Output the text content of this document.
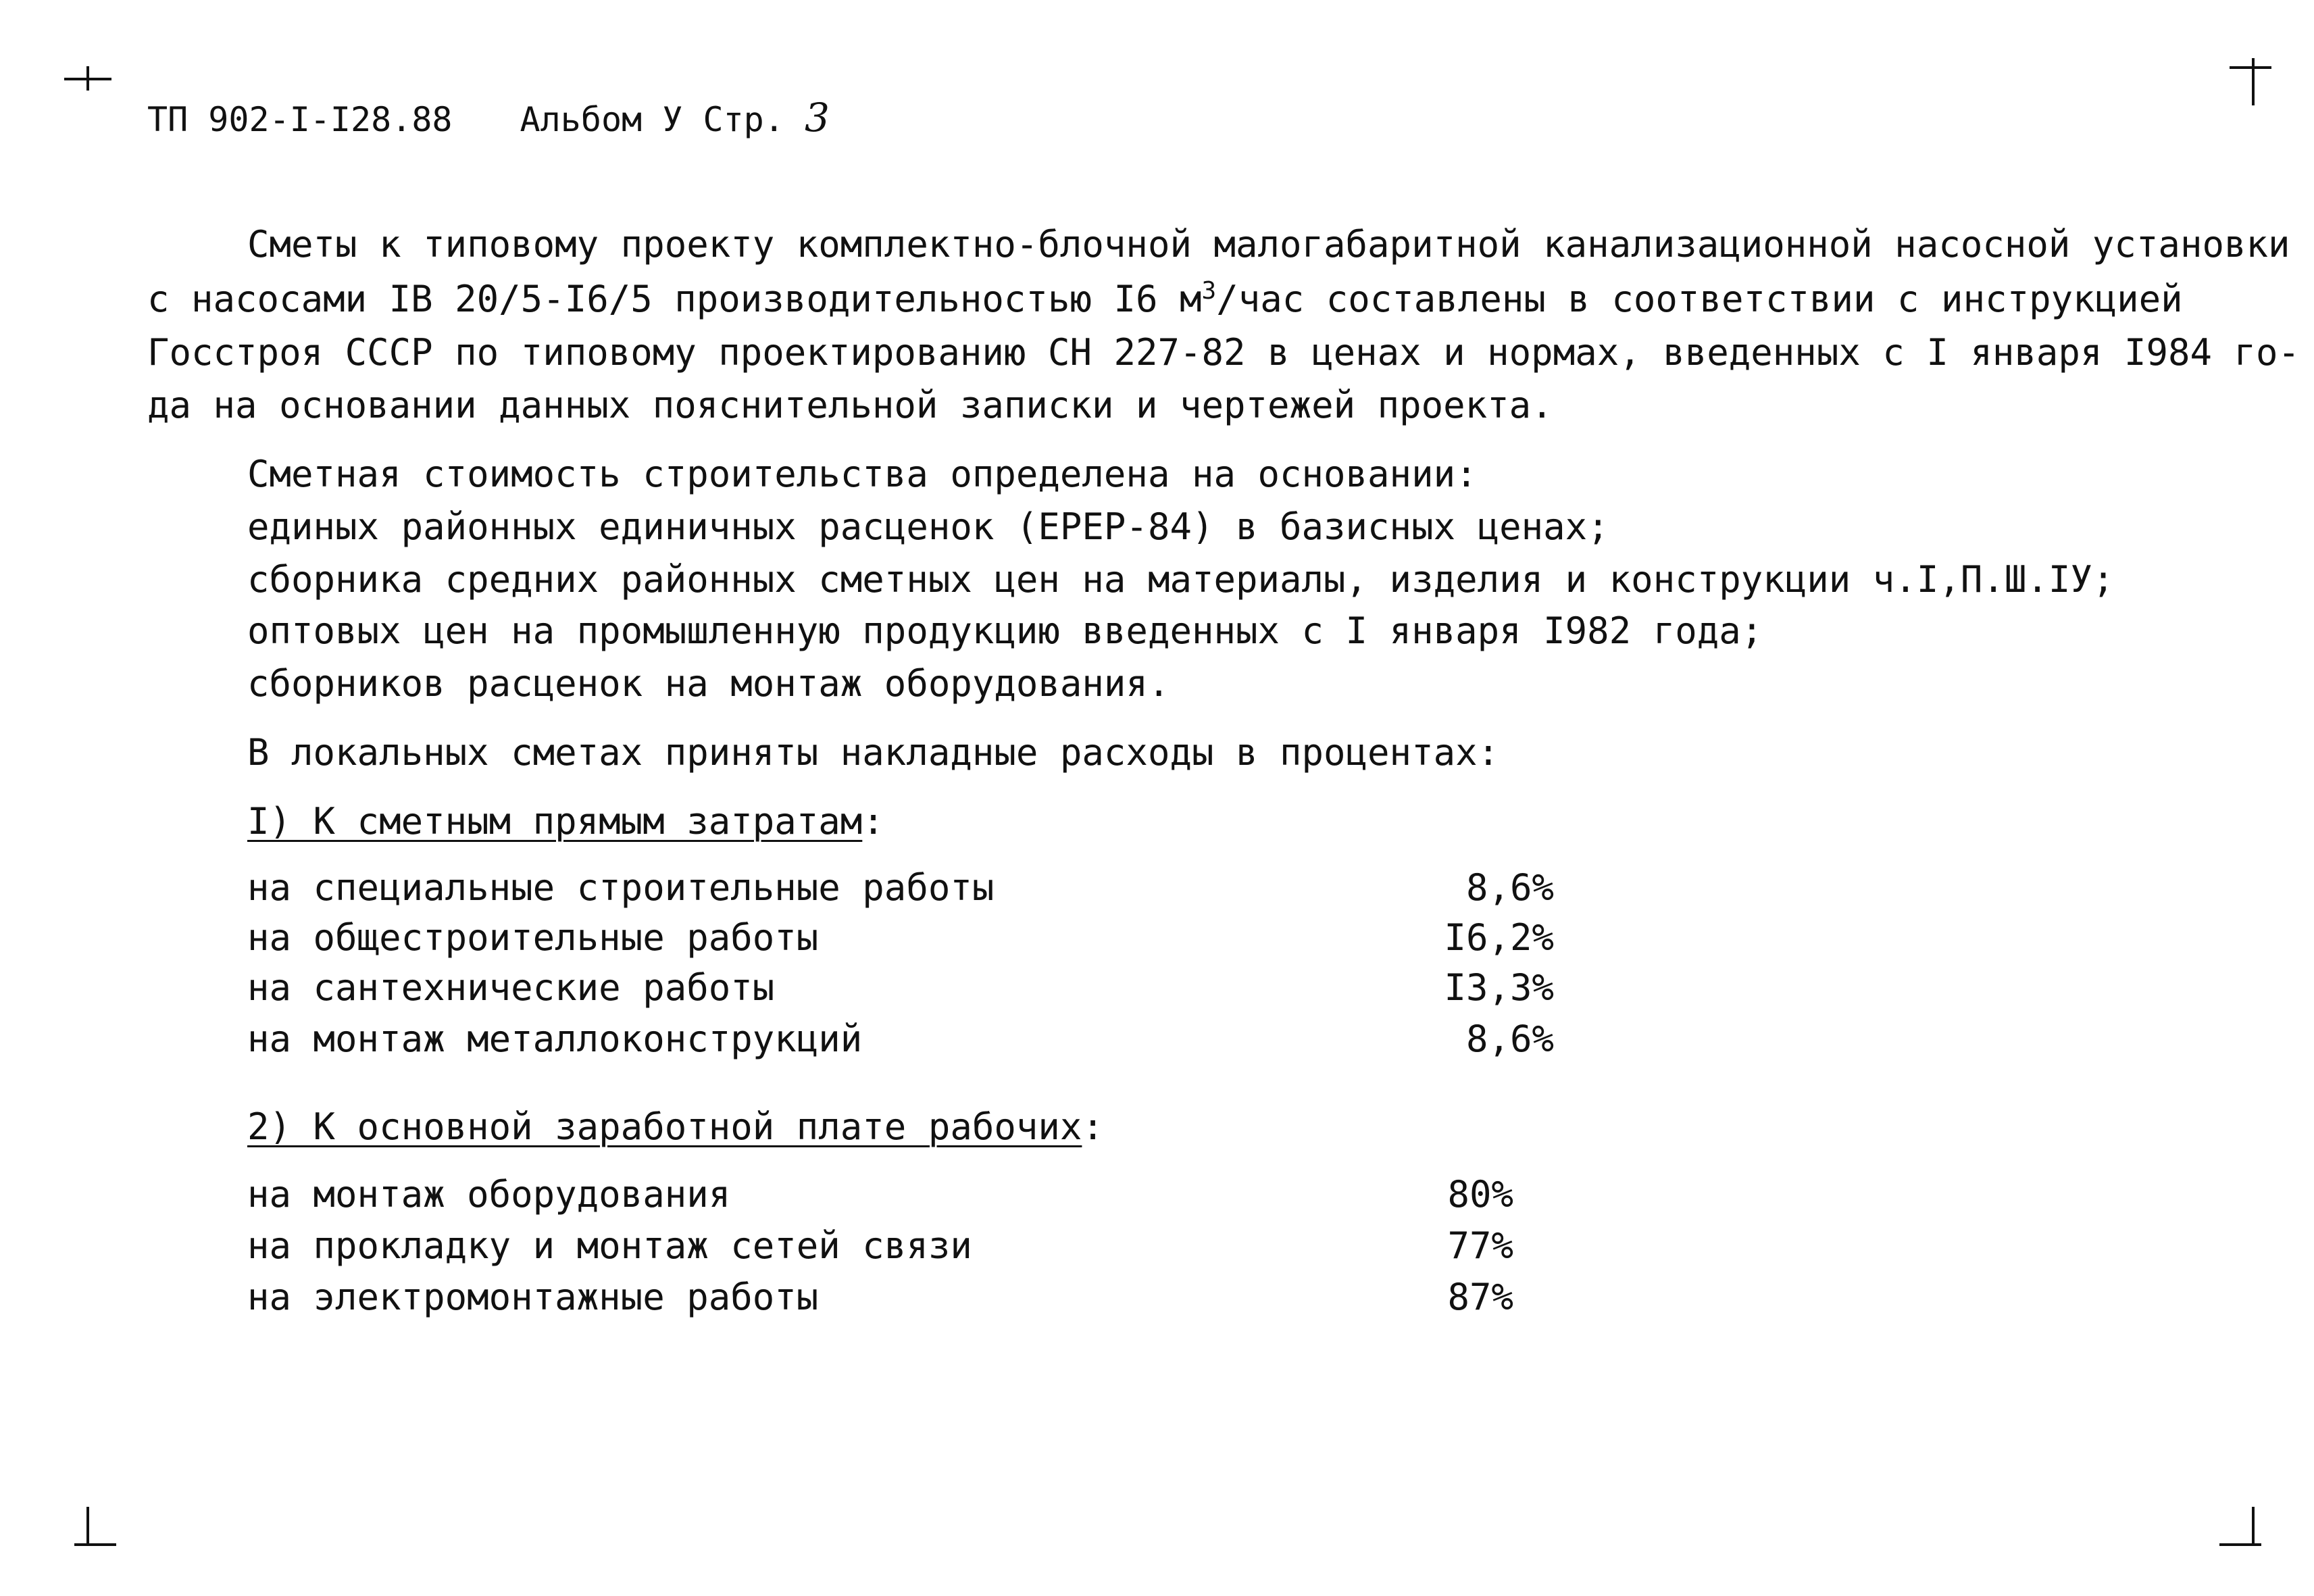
ТП 902-I-I28.88 Альбом У Стр. 3
Сметы к типовому проекту комплектно-блочной малогабаритной канализационной насосной установки
с насосами IВ 20/5-I6/5 производительностью I6 $м^3$/час составлены в соответствии с инструкцией
Госстроя СССР по типовому проектированию СН 227-82 в ценах и нормах, введенных с I января I984 го-
да на основании данных пояснительной записки и чертежей проекта.
Сметная стоимость строительства определена на основании:
единых районных единичных расценок (ЕРЕР-84) в базисных ценах;
сборника средних районных сметных цен на материалы, изделия и конструкции ч.I,П.Ш.IУ;
оптовых цен на промышленную продукцию введенных с I января I982 года;
сборников расценок на монтаж оборудования.
В локальных сметах приняты накладные расходы в процентах:
I) К сметным прямым затратам:
на специальные строительные работы	8,6%
на общестроительные работы	I6,2%
на сантехнические работы	I3,3%
на монтаж металлоконструкций	8,6%
2) К основной заработной плате рабочих:
на монтаж оборудования	80%
на прокладку и монтаж сетей связи	77%
на электромонтажные работы	87%
